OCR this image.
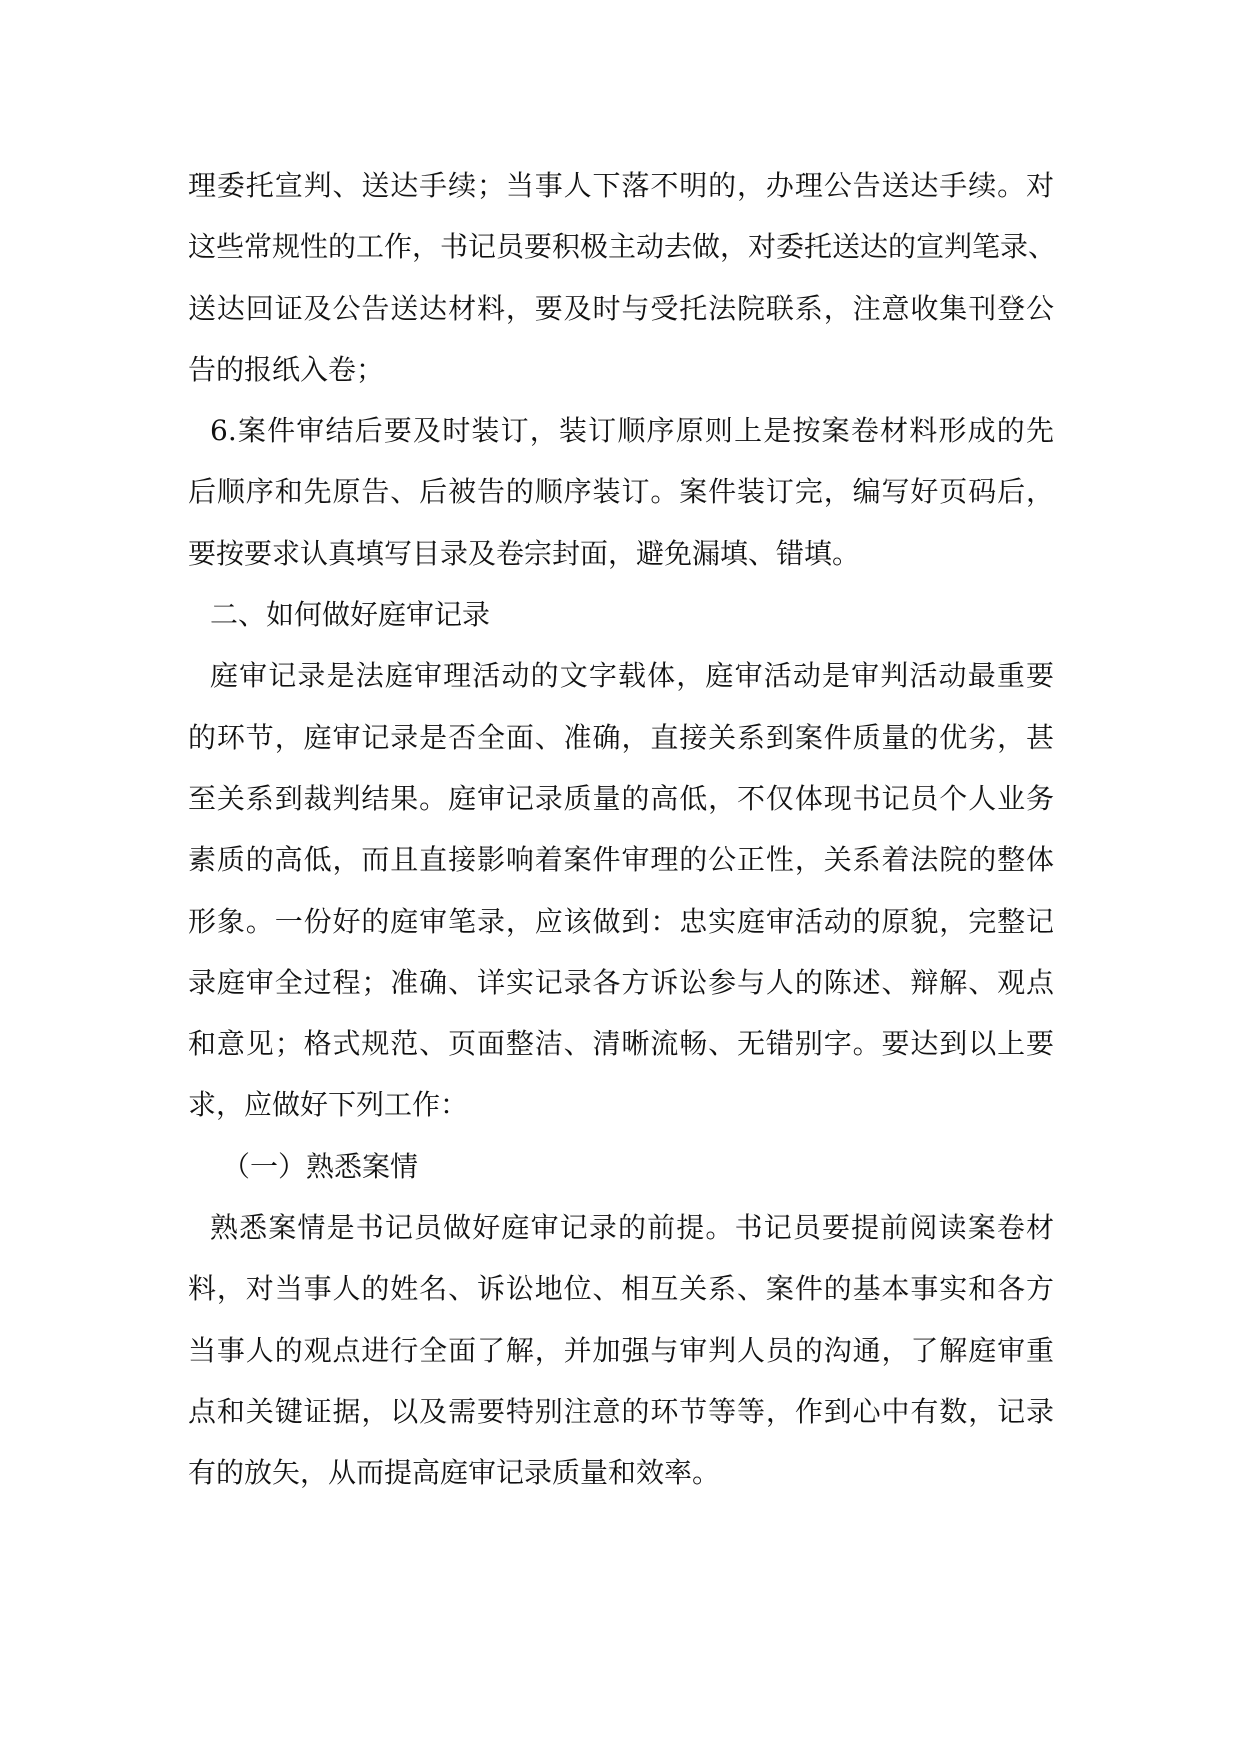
理委托宣判、送达手续；当事人下落不明的，办理公告送达手续。对
这些常规性的工作，书记员要积极主动去做，对委托送达的宣判笔录、
送达回证及公告送达材料，要及时与受托法院联系，注意收集刊登公
告的报纸入卷；
6.案件审结后要及时装订，装订顺序原则上是按案卷材料形成的先
后顺序和先原告、后被告的顺序装订。案件装订完，编写好页码后，
要按要求认真填写目录及卷宗封面，避免漏填、错填。
二、如何做好庭审记录
庭审记录是法庭审理活动的文字载体，庭审活动是审判活动最重要
的环节，庭审记录是否全面、准确，直接关系到案件质量的优劣，甚
至关系到裁判结果。庭审记录质量的高低，不仅体现书记员个人业务
素质的高低，而且直接影响着案件审理的公正性，关系着法院的整体
形象。一份好的庭审笔录，应该做到：忠实庭审活动的原貌，完整记
录庭审全过程；准确、详实记录各方诉讼参与人的陈述、辩解、观点
和意见；格式规范、页面整洁、清晰流畅、无错别字。要达到以上要
求，应做好下列工作：
（一）熟悉案情
熟悉案情是书记员做好庭审记录的前提。书记员要提前阅读案卷材
料，对当事人的姓名、诉讼地位、相互关系、案件的基本事实和各方
当事人的观点进行全面了解，并加强与审判人员的沟通，了解庭审重
点和关键证据，以及需要特别注意的环节等等，作到心中有数，记录
有的放矢，从而提高庭审记录质量和效率。
